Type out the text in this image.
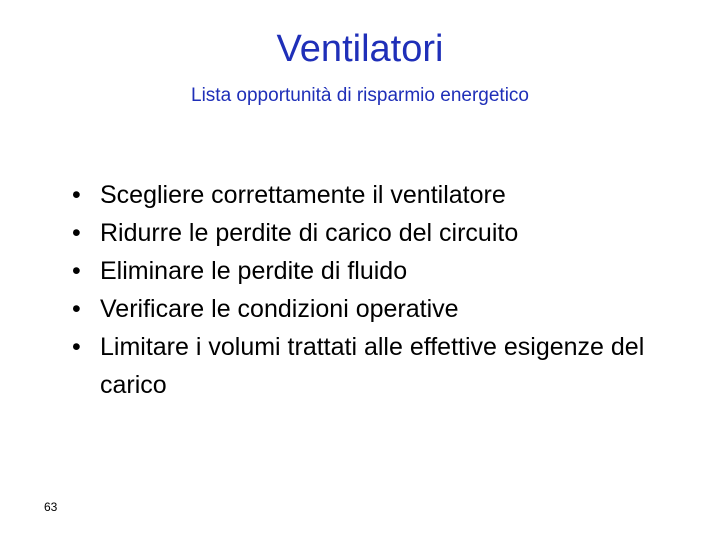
Ventilatori
Lista opportunità di risparmio energetico
• Scegliere correttamente il ventilatore
• Ridurre le perdite di carico del circuito
• Eliminare le perdite di fluido
• Verificare le condizioni operative
• Limitare i volumi trattati alle effettive esigenze del carico
63
